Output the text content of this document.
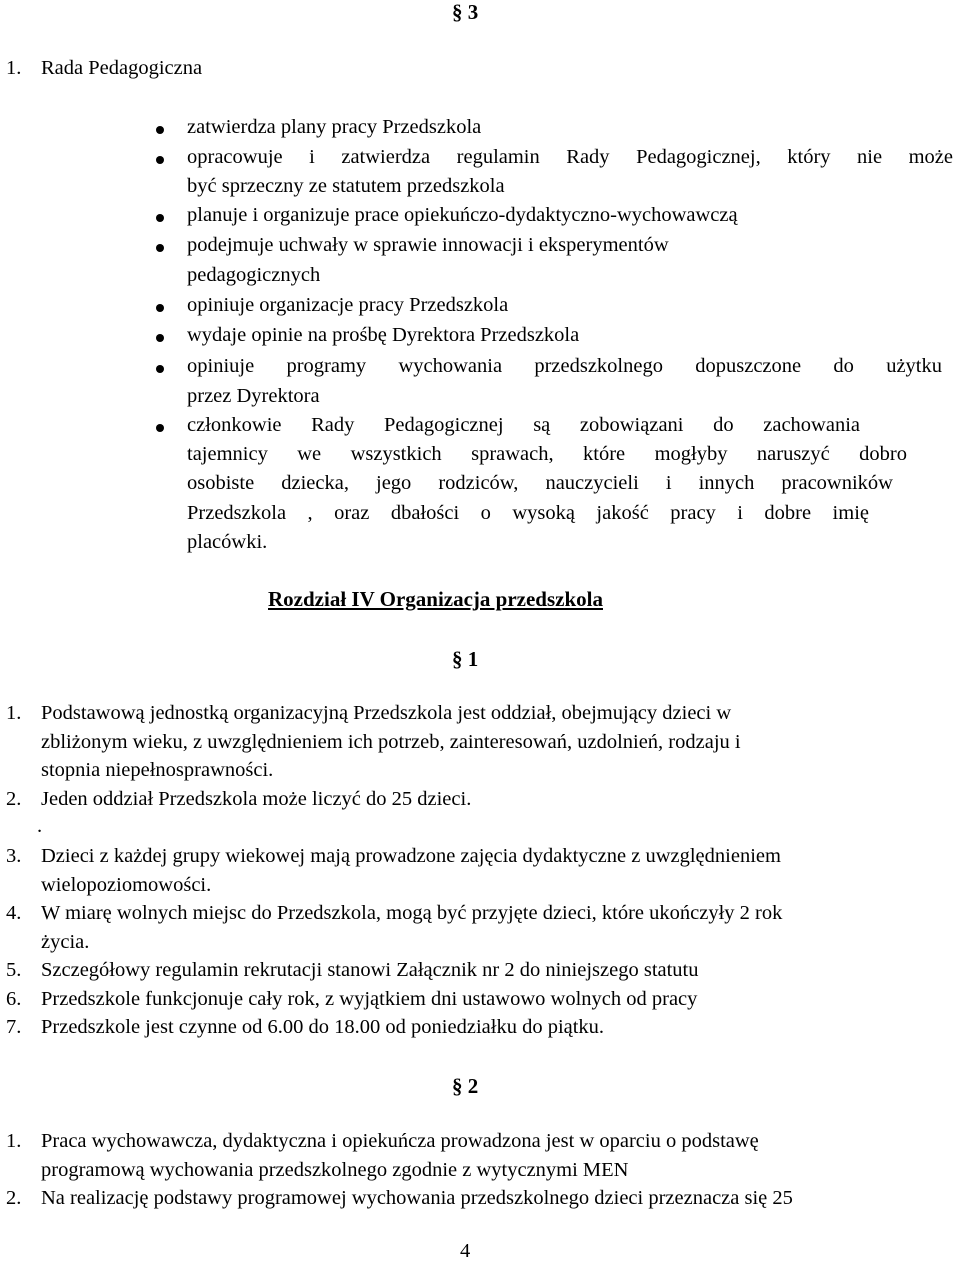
§ 3
1. Rada Pedagogiczna
zatwierdza plany pracy Przedszkola
opracowuje i zatwierdza regulamin Rady Pedagogicznej, który nie może
być sprzeczny ze statutem przedszkola
planuje i organizuje prace opiekuńczo-dydaktyczno-wychowawczą
podejmuje uchwały w sprawie innowacji i eksperymentów
pedagogicznych
opiniuje organizacje pracy Przedszkola
wydaje opinie na prośbę Dyrektora Przedszkola
opiniuje programy wychowania przedszkolnego dopuszczone do użytku
przez Dyrektora
członkowie Rady Pedagogicznej są zobowiązani do zachowania
tajemnicy we wszystkich sprawach, które mogłyby naruszyć dobro
osobiste dziecka, jego rodziców, nauczycieli i innych pracowników
Przedszkola , oraz dbałości o wysoką jakość pracy i dobre imię
placówki.
Rozdział IV Organizacja przedszkola
§ 1
1. Podstawową jednostką organizacyjną Przedszkola jest oddział, obejmujący dzieci w
zbliżonym wieku, z uwzględnieniem ich potrzeb, zainteresowań, uzdolnień, rodzaju i
stopnia niepełnosprawności.
2. Jeden oddział Przedszkola może liczyć do 25 dzieci.
.
3. Dzieci z każdej grupy wiekowej mają prowadzone zajęcia dydaktyczne z uwzględnieniem
wielopoziomowości.
4. W miarę wolnych miejsc do Przedszkola, mogą być przyjęte dzieci, które ukończyły 2 rok
życia.
5. Szczegółowy regulamin rekrutacji stanowi Załącznik nr 2 do niniejszego statutu
6. Przedszkole funkcjonuje cały rok, z wyjątkiem dni ustawowo wolnych od pracy
7. Przedszkole jest czynne od 6.00 do 18.00 od poniedziałku do piątku.
§ 2
1. Praca wychowawcza, dydaktyczna i opiekuńcza prowadzona jest w oparciu o podstawę
programową wychowania przedszkolnego zgodnie z wytycznymi MEN
2. Na realizację podstawy programowej wychowania przedszkolnego dzieci przeznacza się 25
4
